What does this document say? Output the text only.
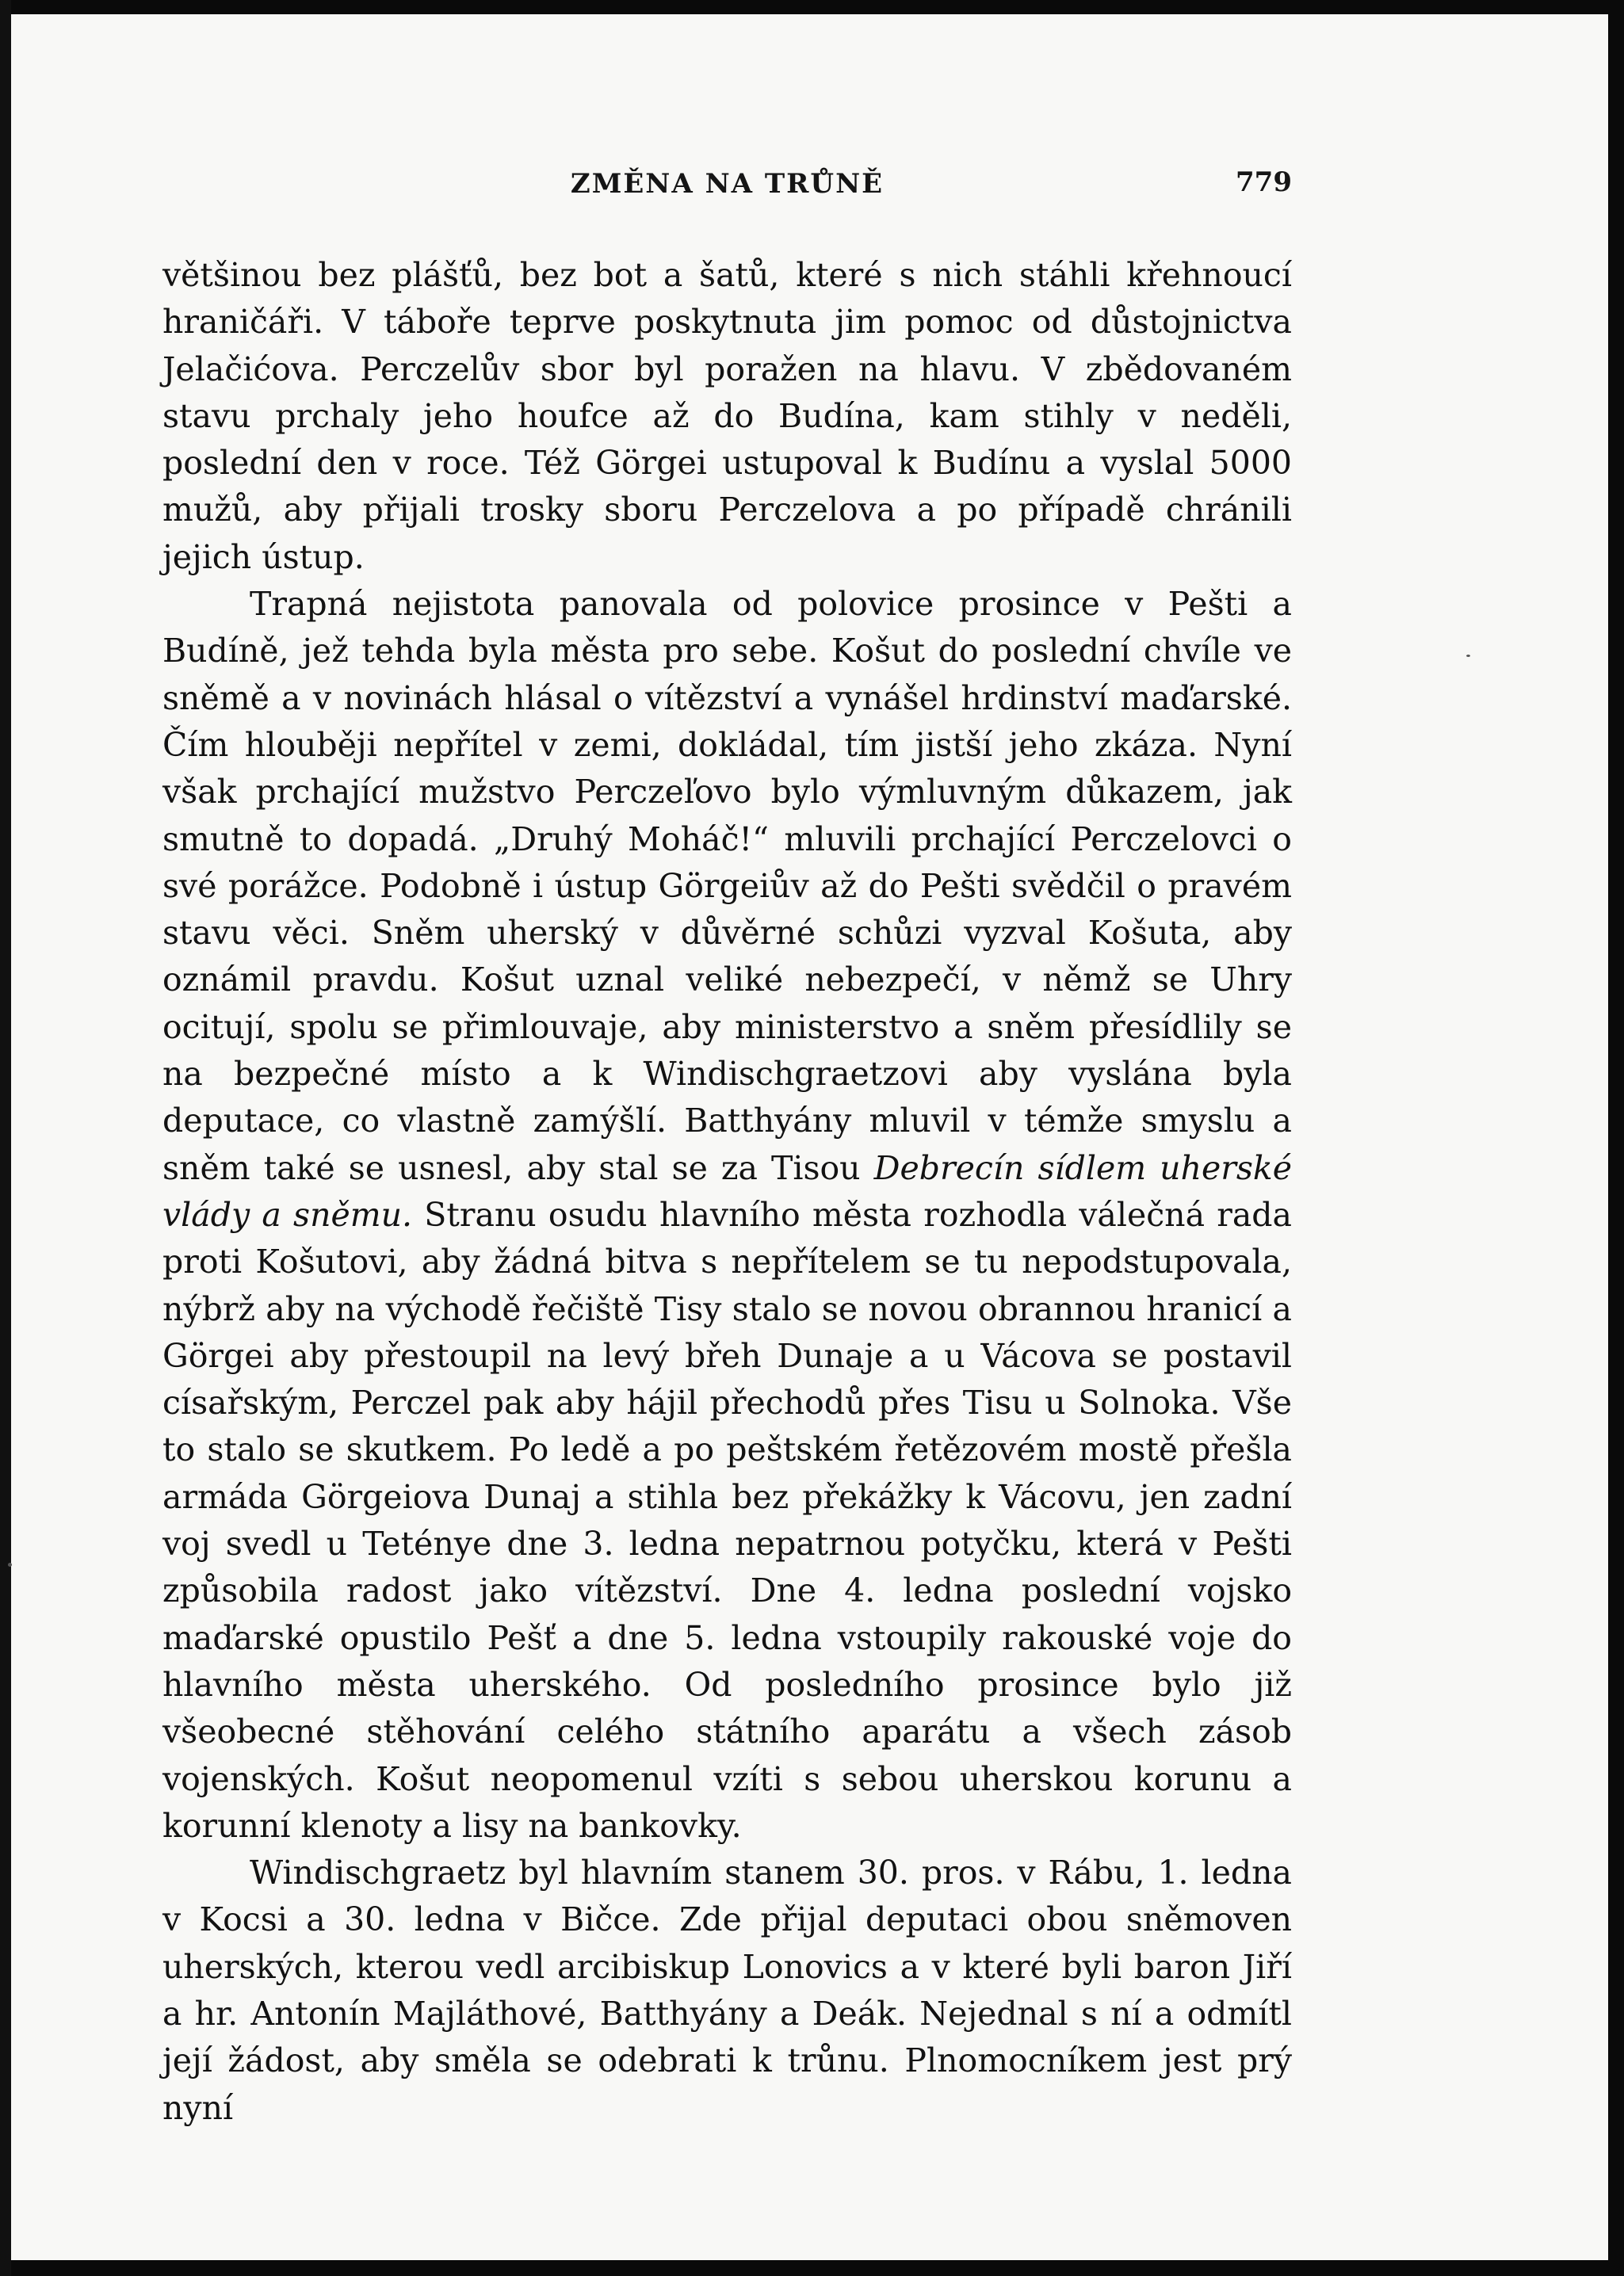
ZMĚNA NA TRŮNĚ	779

většinou bez plášťů, bez bot a šatů, které s nich stáhli křehnoucí hraničáři. V táboře teprve poskytnuta jim pomoc od důstojnictva Jelačićova. Perczelův sbor byl poražen na hlavu. V zbědovaném stavu prchaly jeho houfce až do Budína, kam stihly v neděli, poslední den v roce. Též Görgei ustupoval k Budínu a vyslal 5000 mužů, aby přijali trosky sboru Perczelova a po případě chránili jejich ústup.

Trapná nejistota panovala od polovice prosince v Pešti a Budíně, jež tehda byla města pro sebe. Košut do poslední chvíle ve sněmě a v novinách hlásal o vítězství a vynášel hrdinství maďarské. Čím hlouběji nepřítel v zemi, dokládal, tím jistší jeho zkáza. Nyní však prchající mužstvo Perczeľovo bylo výmluvným důkazem, jak smutně to dopadá. „Druhý Moháč!“ mluvili prchající Perczelovci o své porážce. Podobně i ústup Görgeiův až do Pešti svědčil o pravém stavu věci. Sněm uherský v důvěrné schůzi vyzval Košuta, aby oznámil pravdu. Košut uznal veliké nebezpečí, v němž se Uhry ocitují, spolu se přimlouvaje, aby ministerstvo a sněm přesídlily se na bezpečné místo a k Windischgraetzovi aby vyslána byla deputace, co vlastně zamýšlí. Batthyány mluvil v témže smyslu a sněm také se usnesl, aby stal se za Tisou Debrecín sídlem uherské vlády a sněmu. Stranu osudu hlavního města rozhodla válečná rada proti Košutovi, aby žádná bitva s nepřítelem se tu nepodstupovala, nýbrž aby na východě řečiště Tisy stalo se novou obrannou hranicí a Görgei aby přestoupil na levý břeh Dunaje a u Vácova se postavil císařským, Perczel pak aby hájil přechodů přes Tisu u Solnoka. Vše to stalo se skutkem. Po ledě a po peštském řetězovém mostě přešla armáda Görgeiova Dunaj a stihla bez překážky k Vácovu, jen zadní voj svedl u Tetényе dne 3. ledna nepatrnou potyčku, která v Pešti způsobila radost jako vítězství. Dne 4. ledna poslední vojsko maďarské opustilo Pešť a dne 5. ledna vstoupily rakouské voje do hlavního města uherského. Od posledního prosince bylo již všeobecné stěhování celého státního aparátu a všech zásob vojenských. Košut neopomenul vzíti s sebou uherskou korunu a korunní klenoty a lisy na bankovky.

Windischgraetz byl hlavním stanem 30. pros. v Rábu, 1. ledna v Kocsi a 30. ledna v Bičce. Zde přijal deputaci obou sněmoven uherských, kterou vedl arcibiskup Lonovics a v které byli baron Jiří a hr. Antonín Majláthové, Batthyány a Deák. Nejednal s ní a odmítl její žádost, aby směla se odebrati k trůnu. Plnomocníkem jest prý nyní
